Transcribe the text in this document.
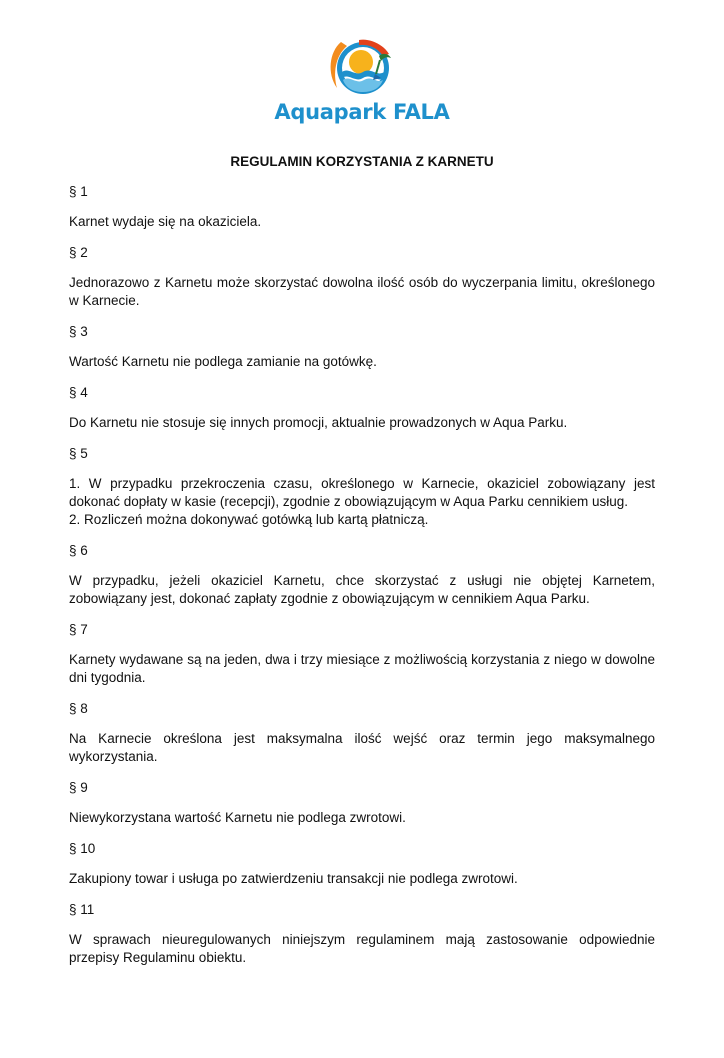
Aquapark FALA
REGULAMIN KORZYSTANIA Z KARNETU
§ 1
Karnet wydaje się na okaziciela.
§ 2
Jednorazowo z Karnetu może skorzystać dowolna ilość osób do wyczerpania limitu, określonego w Karnecie.
§ 3
Wartość Karnetu nie podlega zamianie na gotówkę.
§ 4
Do Karnetu nie stosuje się innych promocji, aktualnie prowadzonych w Aqua Parku.
§ 5
1. W przypadku przekroczenia czasu, określonego w Karnecie, okaziciel zobowiązany jest dokonać dopłaty w kasie (recepcji), zgodnie z obowiązującym w Aqua Parku cennikiem usług.
2. Rozliczeń można dokonywać gotówką lub kartą płatniczą.
§ 6
W przypadku, jeżeli okaziciel Karnetu, chce skorzystać z usługi nie objętej Karnetem, zobowiązany jest, dokonać zapłaty zgodnie z obowiązującym w cennikiem Aqua Parku.
§ 7
Karnety wydawane są na jeden, dwa i trzy miesiące z możliwością korzystania z niego w dowolne dni tygodnia.
§ 8
Na Karnecie określona jest maksymalna ilość wejść oraz termin jego maksymalnego wykorzystania.
§ 9
Niewykorzystana wartość Karnetu nie podlega zwrotowi.
§ 10
Zakupiony towar i usługa po zatwierdzeniu transakcji nie podlega zwrotowi.
§ 11
W sprawach nieuregulowanych niniejszym regulaminem mają zastosowanie odpowiednie przepisy Regulaminu obiektu.
